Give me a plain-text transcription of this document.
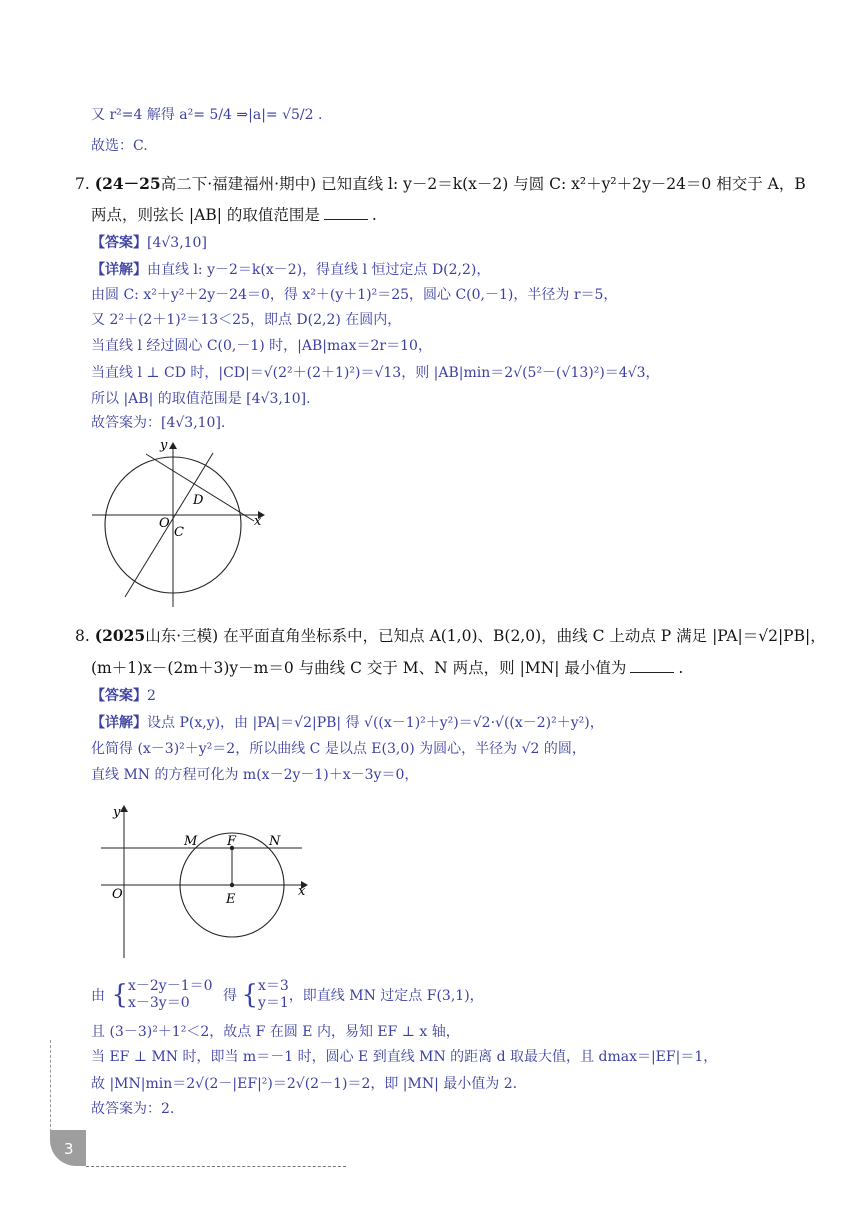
又 r²=4 解得 a²= 5/4 ⇒|a|= √5/2 .
故选：C.
7. (24－25高二下·福建福州·期中) 已知直线 l: y－2＝k(x－2) 与圆 C: x²＋y²＋2y－24＝0 相交于 A，B
两点，则弦长 |AB| 的取值范围是	.
【答案】[4√3,10]
【详解】由直线 l: y－2＝k(x－2)，得直线 l 恒过定点 D(2,2)，
由圆 C: x²＋y²＋2y－24＝0，得 x²＋(y＋1)²＝25，圆心 C(0,－1)，半径为 r＝5，
又 2²＋(2＋1)²＝13＜25，即点 D(2,2) 在圆内，
当直线 l 经过圆心 C(0,－1) 时，|AB|max＝2r＝10，
当直线 l ⊥ CD 时，|CD|＝√(2²＋(2＋1)²)＝√13，则 |AB|min＝2√(5²－(√13)²)＝4√3，
所以 |AB| 的取值范围是 [4√3,10].
故答案为：[4√3,10].
y
x
O
C
D
8. (2025山东·三模) 在平面直角坐标系中，已知点 A(1,0)、B(2,0)，曲线 C 上动点 P 满足 |PA|＝√2|PB|，
(m＋1)x－(2m＋3)y－m＝0 与曲线 C 交于 M、N 两点，则 |MN| 最小值为	.
【答案】2
【详解】设点 P(x,y)，由 |PA|＝√2|PB| 得 √((x－1)²＋y²)＝√2·√((x－2)²＋y²)，
化简得 (x－3)²＋y²＝2，所以曲线 C 是以点 E(3,0) 为圆心，半径为 √2 的圆，
直线 MN 的方程可化为 m(x－2y－1)＋x－3y＝0，
y
x
O
M F	N
E
由 {x－2y－1＝0
x－3y＝0 得 {x＝3
y＝1，即直线 MN 过定点 F(3,1)，
且 (3－3)²＋1²＜2，故点 F 在圆 E 内，易知 EF ⊥ x 轴，
当 EF ⊥ MN 时，即当 m＝－1 时，圆心 E 到直线 MN 的距离 d 取最大值，且 dmax＝|EF|＝1，
故 |MN|min＝2√(2－|EF|²)＝2√(2－1)＝2，即 |MN| 最小值为 2.
故答案为：2.
3
